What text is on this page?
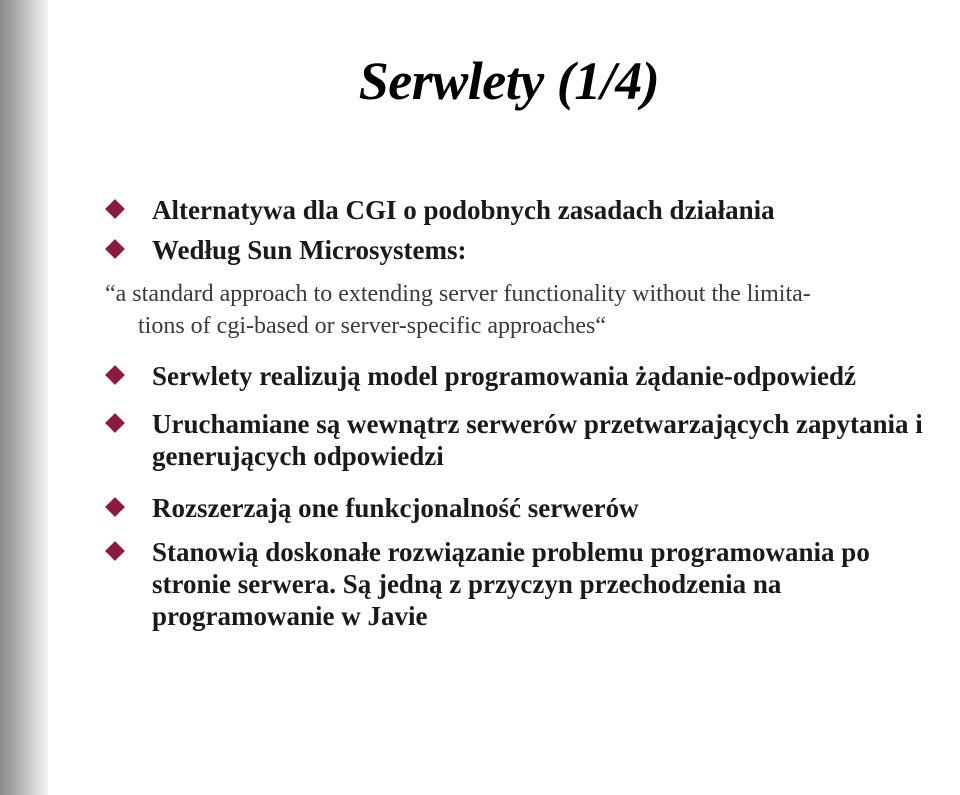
Serwlety (1/4)
Alternatywa dla CGI o podobnych zasadach działania
Według Sun Microsystems:
“a standard approach to extending server functionality without the limita-
tions of cgi-based or server-specific approaches“
Serwlety realizują model programowania żądanie-odpowiedź
Uruchamiane są wewnątrz serwerów przetwarzających zapytania i
generujących odpowiedzi
Rozszerzają one funkcjonalność serwerów
Stanowią doskonałe rozwiązanie problemu programowania po
stronie serwera. Są jedną z przyczyn przechodzenia na
programowanie w Javie
